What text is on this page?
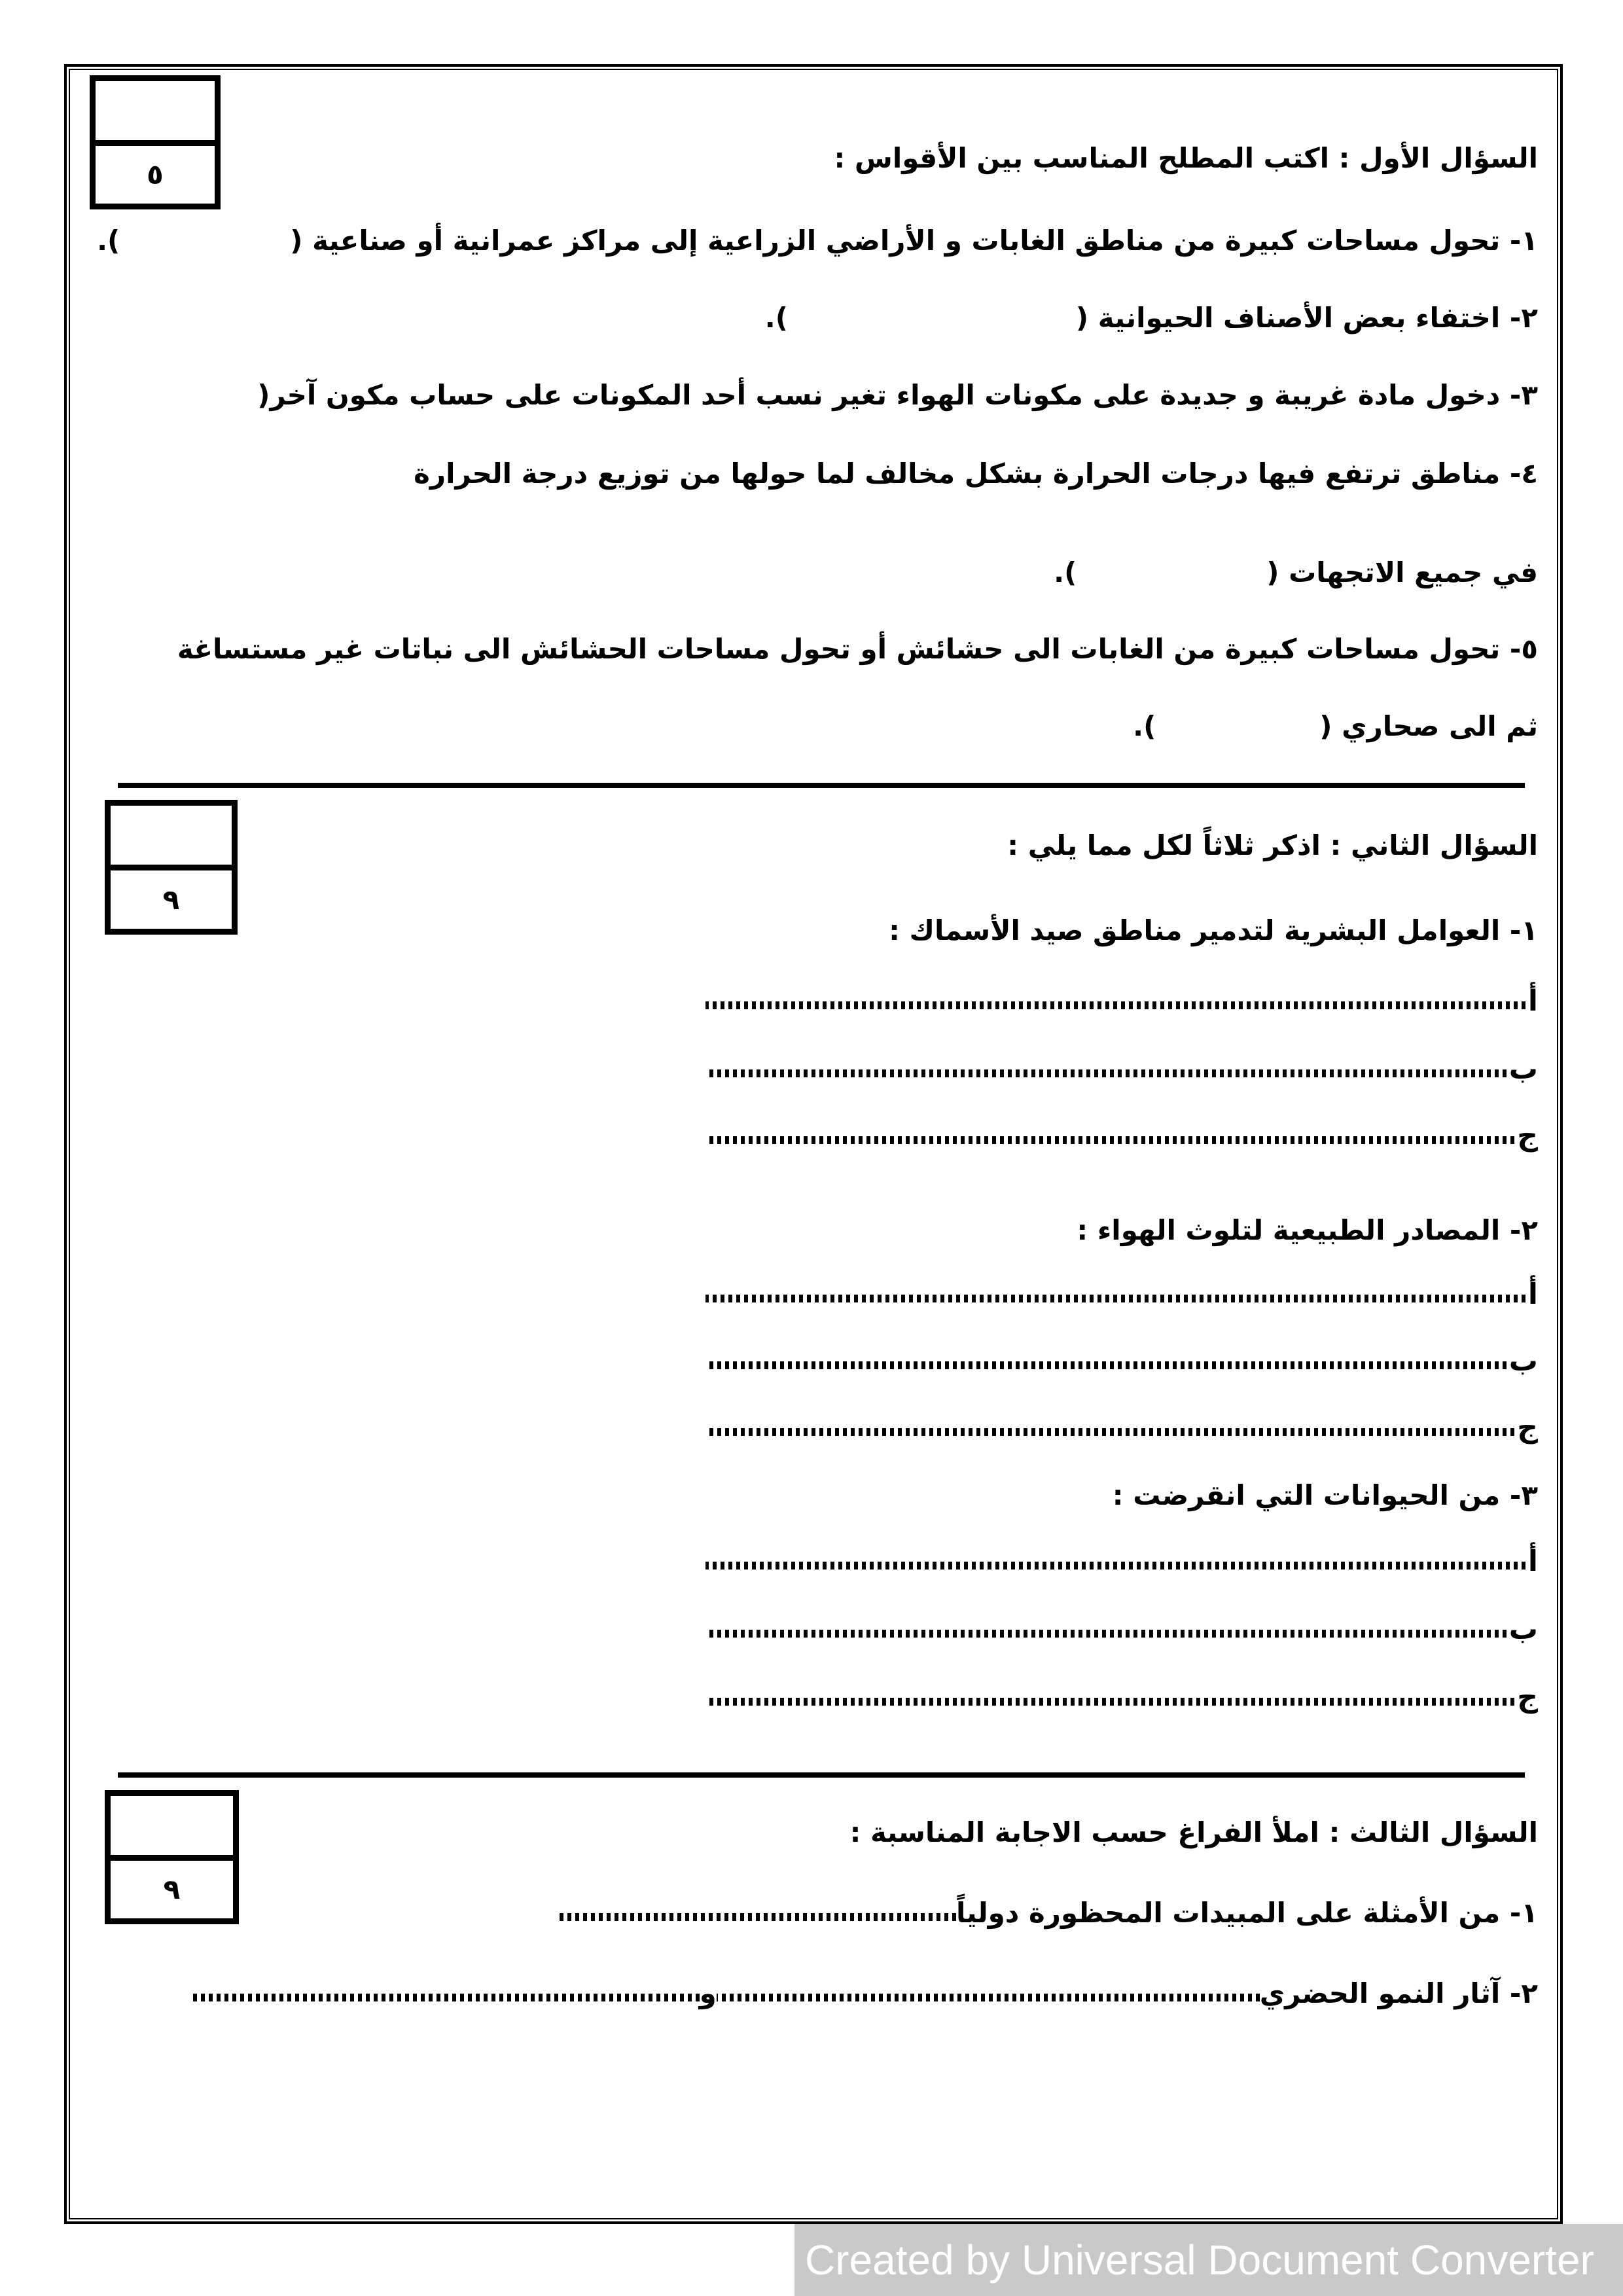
٥
السؤال الأول : اكتب المطلح المناسب بين الأقواس :
١- تحول مساحات كبيرة من مناطق الغابات و الأراضي الزراعية إلى مراكز عمرانية أو صناعية ().
٢- اختفاء بعض الأصناف الحيوانية ().
٣- دخول مادة غريبة و جديدة على مكونات الهواء تغير نسب أحد المكونات على حساب مكون آخر(
٤- مناطق ترتفع فيها درجات الحرارة بشكل مخالف لما حولها من توزيع درجة الحرارة
في جميع الاتجهات ().
٥- تحول مساحات كبيرة من الغابات الى حشائش أو تحول مساحات الحشائش الى نباتات غير مستساغة
ثم الى صحاري ().
٩
السؤال الثاني : اذكر ثلاثاً لكل مما يلي :
١- العوامل البشرية لتدمير مناطق صيد الأسماك :
أ
ب
ج
٢- المصادر الطبيعية لتلوث الهواء :
أ
ب
ج
٣- من الحيوانات التي انقرضت :
أ
ب
ج
٩
السؤال الثالث : املأ الفراغ حسب الاجابة المناسبة :
١- من الأمثلة على المبيدات المحظورة دولياً
٢- آثار النمو الحضريو
Created by Universal Document Converter
